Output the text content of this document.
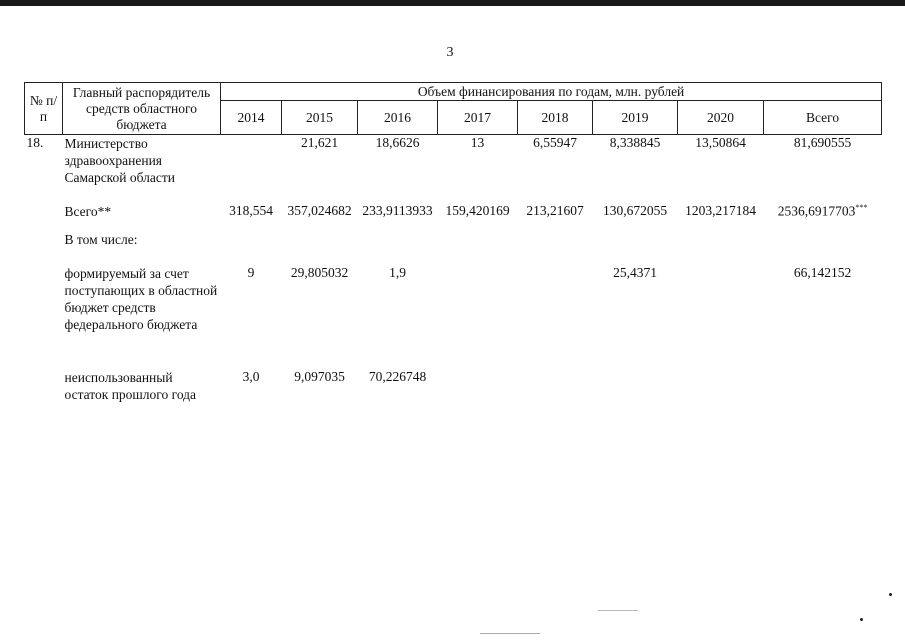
3
№ п/п	Главный распорядитель средств областного бюджета	Объем финансирования по годам, млн. рублей							
		2014	2015	2016	2017	2018	2019	2020	Всего
18.	Министерство здравоохранения Самарской области		21,621	18,6626	13	6,55947	8,338845	13,50864	81,690555
	Всего**	318,554	357,024682	233,9113933	159,420169	213,21607	130,672055	1203,217184	2536,6917703***
	В том числе:								
	формируемый за счет поступающих в областной бюджет средств федерального бюджета	9	29,805032	1,9			25,4371		66,142152
	неиспользованный остаток прошлого года	3,0	9,097035	70,226748					
